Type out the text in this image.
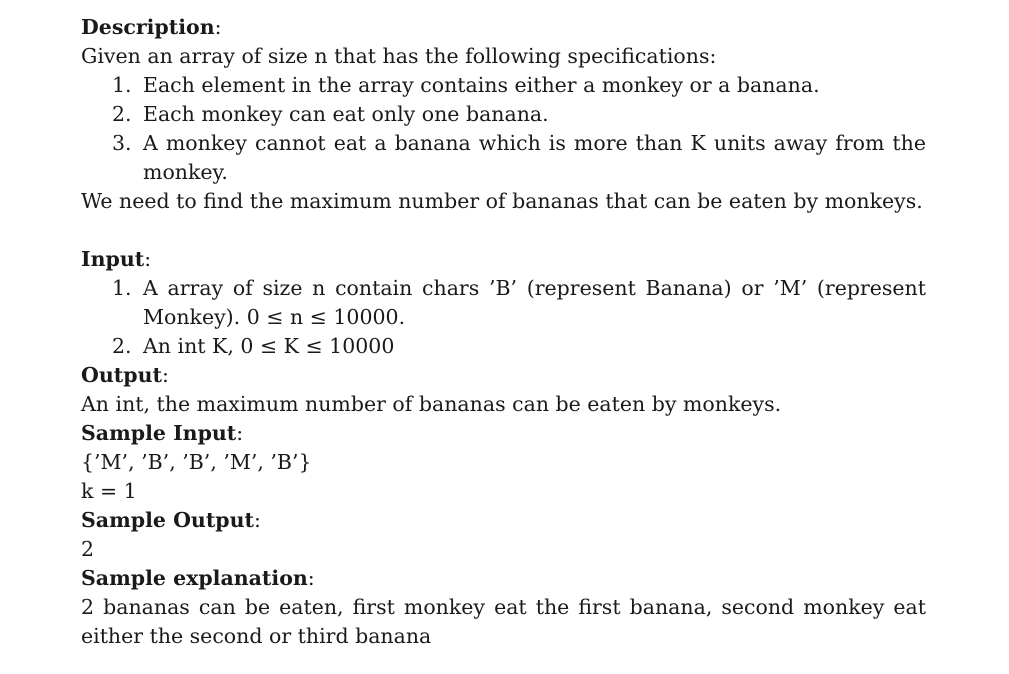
Description:
Given an array of size n that has the following specifications:
1. Each element in the array contains either a monkey or a banana.
2. Each monkey can eat only one banana.
3. A monkey cannot eat a banana which is more than K units away from the monkey.
We need to find the maximum number of bananas that can be eaten by monkeys.
Input:
1. A array of size n contain chars ’B’ (represent Banana) or ’M’ (represent Monkey). 0 ≤ n ≤ 10000.
2. An int K, 0 ≤ K ≤ 10000
Output:
An int, the maximum number of bananas can be eaten by monkeys.
Sample Input:
{’M’, ’B’, ’B’, ’M’, ’B’}
k = 1
Sample Output:
2
Sample explanation:
2 bananas can be eaten, first monkey eat the first banana, second monkey eat either the second or third banana
